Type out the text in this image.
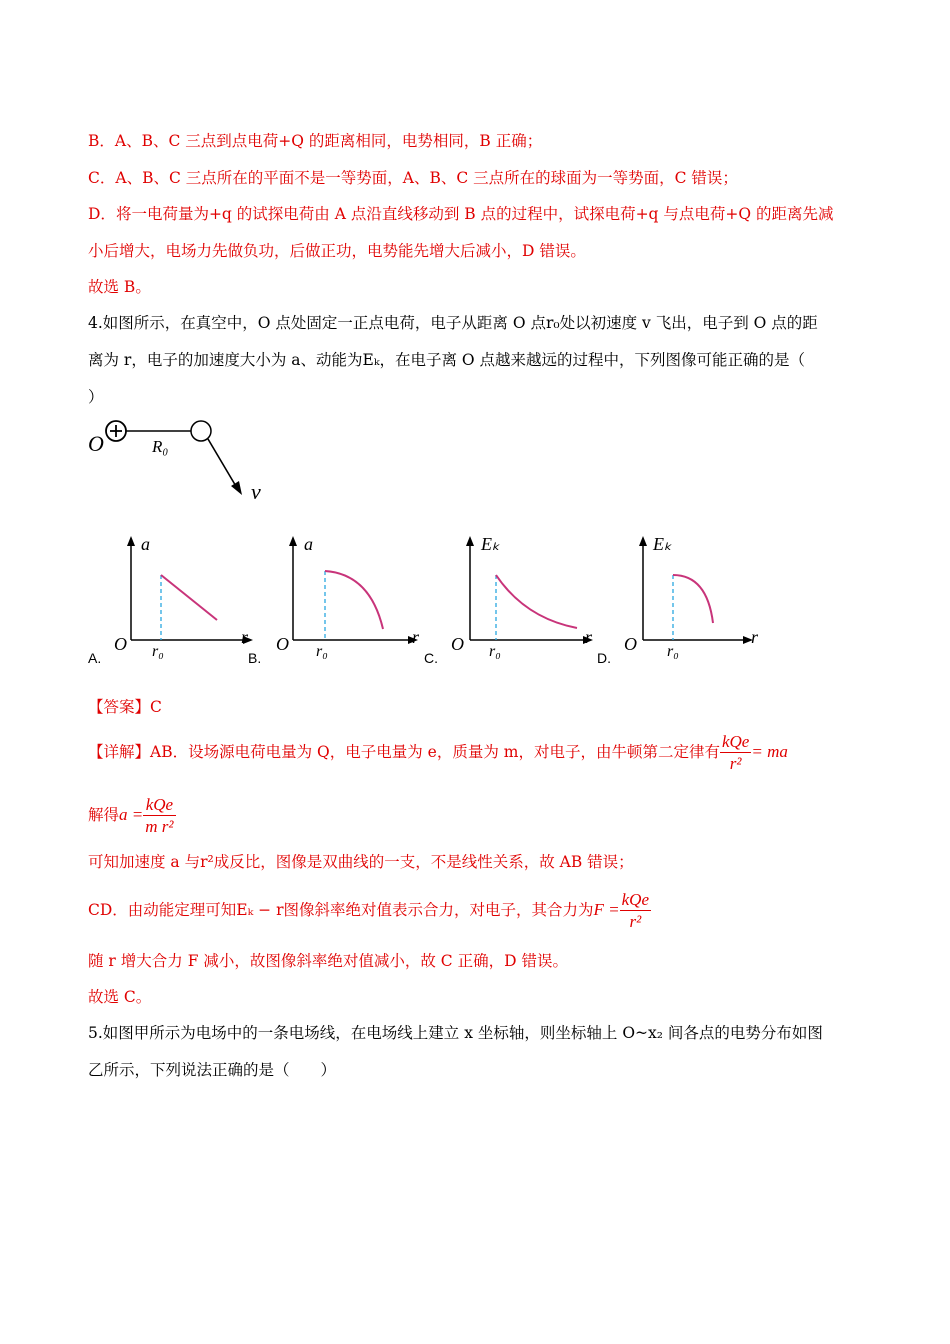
B．A、B、C 三点到点电荷+Q 的距离相同，电势相同，B 正确；
C．A、B、C 三点所在的平面不是一等势面，A、B、C 三点所在的球面为一等势面，C 错误；
D．将一电荷量为+q 的试探电荷由 A 点沿直线移动到 B 点的过程中，试探电荷+q 与点电荷+Q 的距离先减
小后增大，电场力先做负功，后做正功，电势能先增大后减小，D 错误。
故选 B。
4.如图所示，在真空中，O 点处固定一正点电荷，电子从距离 O 点r₀处以初速度 v 飞出，电子到 O 点的距
离为 r，电子的加速度大小为 a、动能为Eₖ，在电子离 O 点越来越远的过程中，下列图像可能正确的是（
）
O	R₀
v
a
O	r
r₀
A.
a
O	r
r₀
B.
Eₖ
O	r
r₀
C.
Eₖ
O	r
r₀
D.
【答案】C
【详解】AB．设场源电荷电量为 Q，电子电量为 e，质量为 m，对电子，由牛顿第二定律有 $\frac{\text{kQe}}{\text{r²}}$ = ma
解得$a = \frac{\text{kQe}}{\text{m r²}}$
可知加速度 a 与r²成反比，图像是双曲线的一支，不是线性关系，故 AB 错误；
CD．由动能定理可知Eₖ − r图像斜率绝对值表示合力，对电子，其合力为$F = \frac{\text{kQe}}{\text{r²}}$
随 r 增大合力 F 减小，故图像斜率绝对值减小，故 C 正确，D 错误。
故选 C。
5.如图甲所示为电场中的一条电场线，在电场线上建立 x 坐标轴，则坐标轴上 O~x₂ 间各点的电势分布如图
乙所示，下列说法正确的是（　　）
